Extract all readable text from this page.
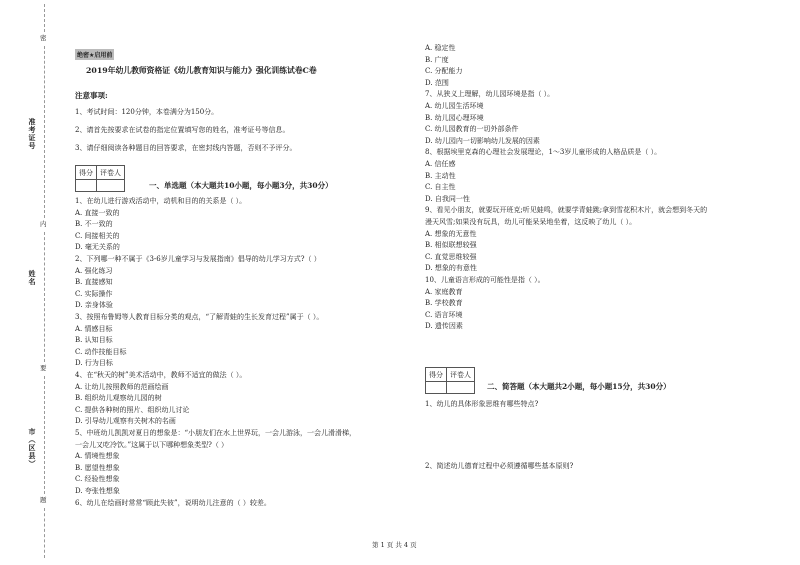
密
准考证号
内
姓名
要
市（区县）
题
绝密★启用前
2019年幼儿教师资格证《幼儿教育知识与能力》强化训练试卷C卷
注意事项:
1、考试时间：120分钟，本卷满分为150分。
2、请首先按要求在试卷的指定位置填写您的姓名，准考证号等信息。
3、请仔细阅读各种题目的回答要求，在密封线内答题，否则不予评分。
得分	评卷人

一、单选题（本大题共10小题，每小题3分，共30分）
1、在幼儿进行游戏活动中，动机和目的的关系是（ ）。
A. 直接一致的
B. 不一致的
C. 间接相关的
D. 毫无关系的
2、下列哪一种不属于《3-6岁儿童学习与发展指南》倡导的幼儿学习方式?（ ）
A. 强化练习
B. 直接感知
C. 实际操作
D. 亲身体验
3、按照布鲁姆等人教育目标分类的观点，“了解青蛙的生长发育过程”属于（ ）。
A. 情感目标
B. 认知目标
C. 动作技能目标
D. 行为目标
4、在“秋天的树”美术活动中，教师不适宜的做法（ ）。
A. 让幼儿按照教师的范画绘画
B. 组织幼儿观察幼儿园的树
C. 提供各种树的照片、组织幼儿讨论
D. 引导幼儿观察有关树木的名画
5、中班幼儿凯凯对夏日的想象是：“小朋友们在水上世界玩，一会儿游泳，一会儿滑滑梯，
一会儿又吃冷饮。”这属于以下哪种想象类型?（ ）
A. 情境性想象
B. 愿望性想象
C. 经验性想象
D. 夸张性想象
6、幼儿在绘画时常常“顾此失彼”，说明幼儿注意的（ ）较差。
A. 稳定性
B. 广度
C. 分配能力
D. 范围
7、从狭义上理解，幼儿园环境是指（ ）。
A. 幼儿园生活环境
B. 幼儿园心理环境
C. 幼儿园教育的一切外部条件
D. 幼儿园内一切影响幼儿发展的因素
8、根据埃里克森的心理社会发展理论，1～3岁儿童形成的人格品质是（ ）。
A. 信任感
B. 主动性
C. 自主性
D. 自我同一性
9、看见小朋友，就要玩开班克;听见蛙鸣，就要学青蛙跳;拿到雪花积木片，就会想到冬天的
漫天风雪;如果没有玩具，幼儿可能呆呆地坐着，这反映了幼儿（ ）。
A. 想象的无意性
B. 相似联想较强
C. 直觉思维较强
D. 想象的有意性
10、儿童语言形成的可能性是指（ ）。
A. 家庭教育
B. 学校教育
C. 语言环境
D. 遗传因素
得分	评卷人

二、简答题（本大题共2小题，每小题15分，共30分）
1、幼儿的具体形象思维有哪些特点?
2、简述幼儿德育过程中必须遵循哪些基本原则?
第 1 页 共 4 页
